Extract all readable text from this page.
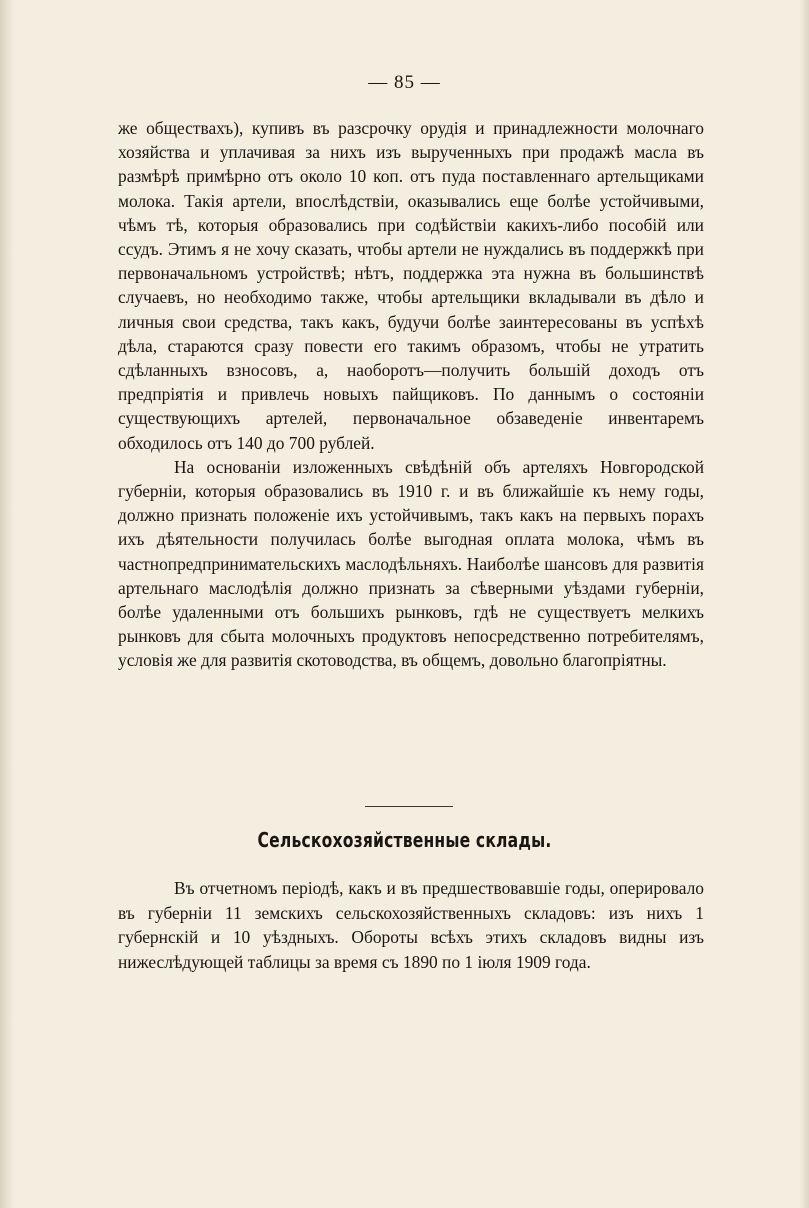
— 85 —

же обществахъ), купивъ въ разсрочку орудія и принадлежности молочнаго хозяйства и уплачивая за нихъ изъ вырученныхъ при продажѣ масла въ размѣрѣ примѣрно отъ около 10 коп. отъ пуда поставленнаго артельщиками молока. Такія артели, впослѣдствіи, оказывались еще болѣе устойчивыми, чѣмъ тѣ, которыя образовались при содѣйствіи какихъ-либо пособій или ссудъ. Этимъ я не хочу сказать, чтобы артели не нуждались въ поддержкѣ при первоначальномъ устройствѣ; нѣтъ, поддержка эта нужна въ большинствѣ случаевъ, но необходимо также, чтобы артельщики вкладывали въ дѣло и личныя свои средства, такъ какъ, будучи болѣе заинтересованы въ успѣхѣ дѣла, стараются сразу повести его такимъ образомъ, чтобы не утратить сдѣланныхъ взносовъ, а, наоборотъ—получить большій доходъ отъ предпріятія и привлечь новыхъ пайщиковъ. По даннымъ о состояніи существующихъ артелей, первоначальное обзаведеніе инвентаремъ обходилось отъ 140 до 700 рублей.

На основаніи изложенныхъ свѣдѣній объ артеляхъ Новгородской губерніи, которыя образовались въ 1910 г. и въ ближайшіе къ нему годы, должно признать положеніе ихъ устойчивымъ, такъ какъ на первыхъ порахъ ихъ дѣятельности получилась болѣе выгодная оплата молока, чѣмъ въ частнопредпринимательскихъ маслодѣльняхъ. Наиболѣе шансовъ для развитія артельнаго маслодѣлія должно признать за сѣверными уѣздами губерніи, болѣе удаленными отъ большихъ рынковъ, гдѣ не существуетъ мелкихъ рынковъ для сбыта молочныхъ продуктовъ непосредственно потребителямъ, условія же для развитія скотоводства, въ общемъ, довольно благопріятны.

Сельскохозяйственные склады.

Въ отчетномъ періодѣ, какъ и въ предшествовавшіе годы, оперировало въ губерніи 11 земскихъ сельскохозяйственныхъ складовъ: изъ нихъ 1 губернскій и 10 уѣздныхъ. Обороты всѣхъ этихъ складовъ видны изъ нижеслѣдующей таблицы за время съ 1890 по 1 іюля 1909 года.
